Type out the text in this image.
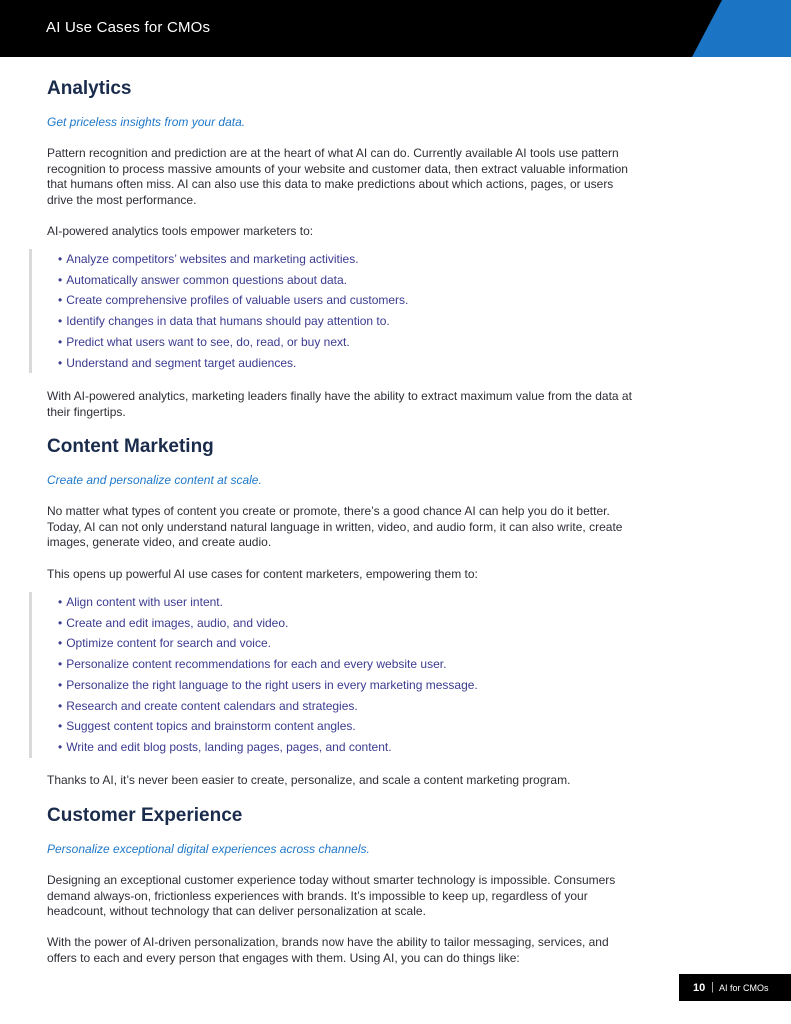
AI Use Cases for CMOs
Analytics

Get priceless insights from your data.

Pattern recognition and prediction are at the heart of what AI can do. Currently available AI tools use pattern recognition to process massive amounts of your website and customer data, then extract valuable information that humans often miss. AI can also use this data to make predictions about which actions, pages, or users drive the most performance.

AI-powered analytics tools empower marketers to:

• Analyze competitors’ websites and marketing activities.
• Automatically answer common questions about data.
• Create comprehensive profiles of valuable users and customers.
• Identify changes in data that humans should pay attention to.
• Predict what users want to see, do, read, or buy next.
• Understand and segment target audiences.

With AI-powered analytics, marketing leaders finally have the ability to extract maximum value from the data at their fingertips.

Content Marketing

Create and personalize content at scale.

No matter what types of content you create or promote, there’s a good chance AI can help you do it better. Today, AI can not only understand natural language in written, video, and audio form, it can also write, create images, generate video, and create audio.

This opens up powerful AI use cases for content marketers, empowering them to:

• Align content with user intent.
• Create and edit images, audio, and video.
• Optimize content for search and voice.
• Personalize content recommendations for each and every website user.
• Personalize the right language to the right users in every marketing message.
• Research and create content calendars and strategies.
• Suggest content topics and brainstorm content angles.
• Write and edit blog posts, landing pages, pages, and content.

Thanks to AI, it’s never been easier to create, personalize, and scale a content marketing program.

Customer Experience

Personalize exceptional digital experiences across channels.

Designing an exceptional customer experience today without smarter technology is impossible. Consumers demand always-on, frictionless experiences with brands. It’s impossible to keep up, regardless of your headcount, without technology that can deliver personalization at scale.

With the power of AI-driven personalization, brands now have the ability to tailor messaging, services, and offers to each and every person that engages with them. Using AI, you can do things like:

10 | AI for CMOs
